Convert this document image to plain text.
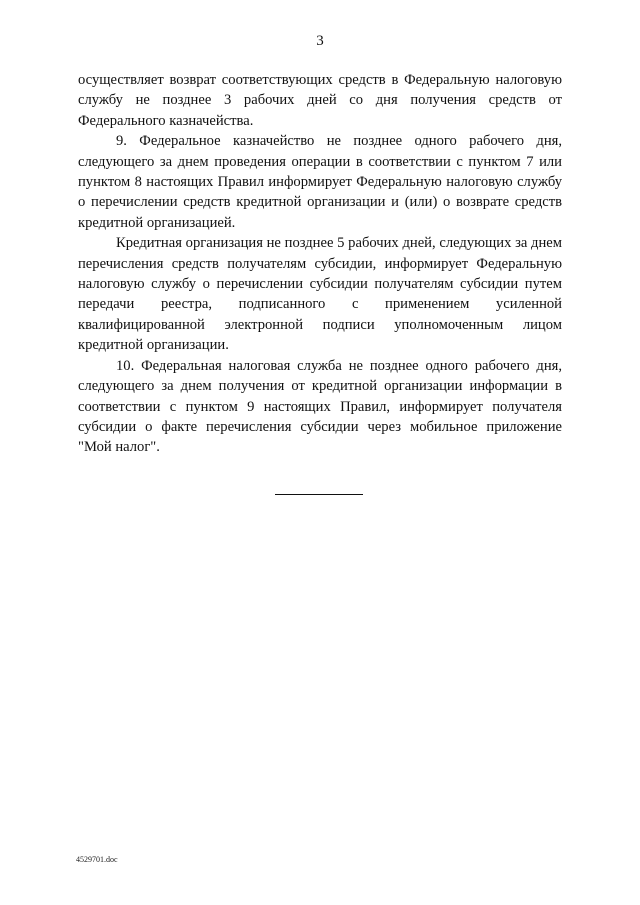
3

осуществляет возврат соответствующих средств в Федеральную налоговую службу не позднее 3 рабочих дней со дня получения средств от Федерального казначейства.

9. Федеральное казначейство не позднее одного рабочего дня, следующего за днем проведения операции в соответствии с пунктом 7 или пунктом 8 настоящих Правил информирует Федеральную налоговую службу о перечислении средств кредитной организации и (или) о возврате средств кредитной организацией.

Кредитная организация не позднее 5 рабочих дней, следующих за днем перечисления средств получателям субсидии, информирует Федеральную налоговую службу о перечислении субсидии получателям субсидии путем передачи реестра, подписанного с применением усиленной квалифицированной электронной подписи уполномоченным лицом кредитной организации.

10. Федеральная налоговая служба не позднее одного рабочего дня, следующего за днем получения от кредитной организации информации в соответствии с пунктом 9 настоящих Правил, информирует получателя субсидии о факте перечисления субсидии через мобильное приложение "Мой налог".

4529701.doc
